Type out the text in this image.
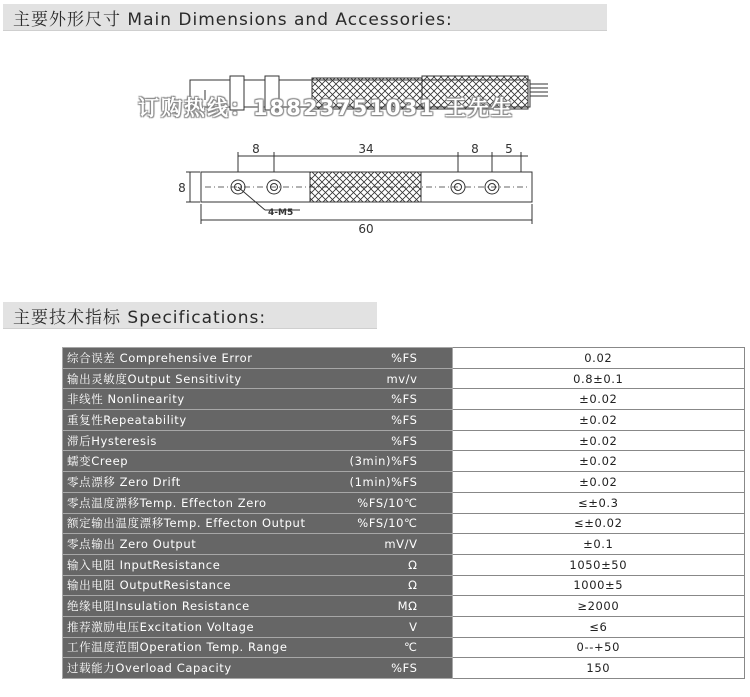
主要外形尺寸 Main Dimensions and Accessories:
8	34	8 5
8
60
4-M5
订购热线：18823751031 王先生
主要技术指标 Specifications:
综合误差 Comprehensive Error	%FS	0.02
输出灵敏度Output Sensitivity	mv/v	0.8±0.1
非线性 Nonlinearity	%FS	±0.02
重复性Repeatability	%FS	±0.02
滞后Hysteresis	%FS	±0.02
蠕变Creep	(3min)%FS	±0.02
零点漂移 Zero Drift	(1min)%FS	±0.02
零点温度漂移Temp. Effecton Zero	%FS/10℃	≤±0.3
额定输出温度漂移Temp. Effecton Output	%FS/10℃	≤±0.02
零点输出 Zero Output	mV/V	±0.1
输入电阻 InputResistance	Ω	1050±50
输出电阻 OutputResistance	Ω	1000±5
绝缘电阻Insulation Resistance	MΩ	≥2000
推荐激励电压Excitation Voltage	V	≤6
工作温度范围Operation Temp. Range	℃	0--+50
过载能力Overload Capacity	%FS	150
